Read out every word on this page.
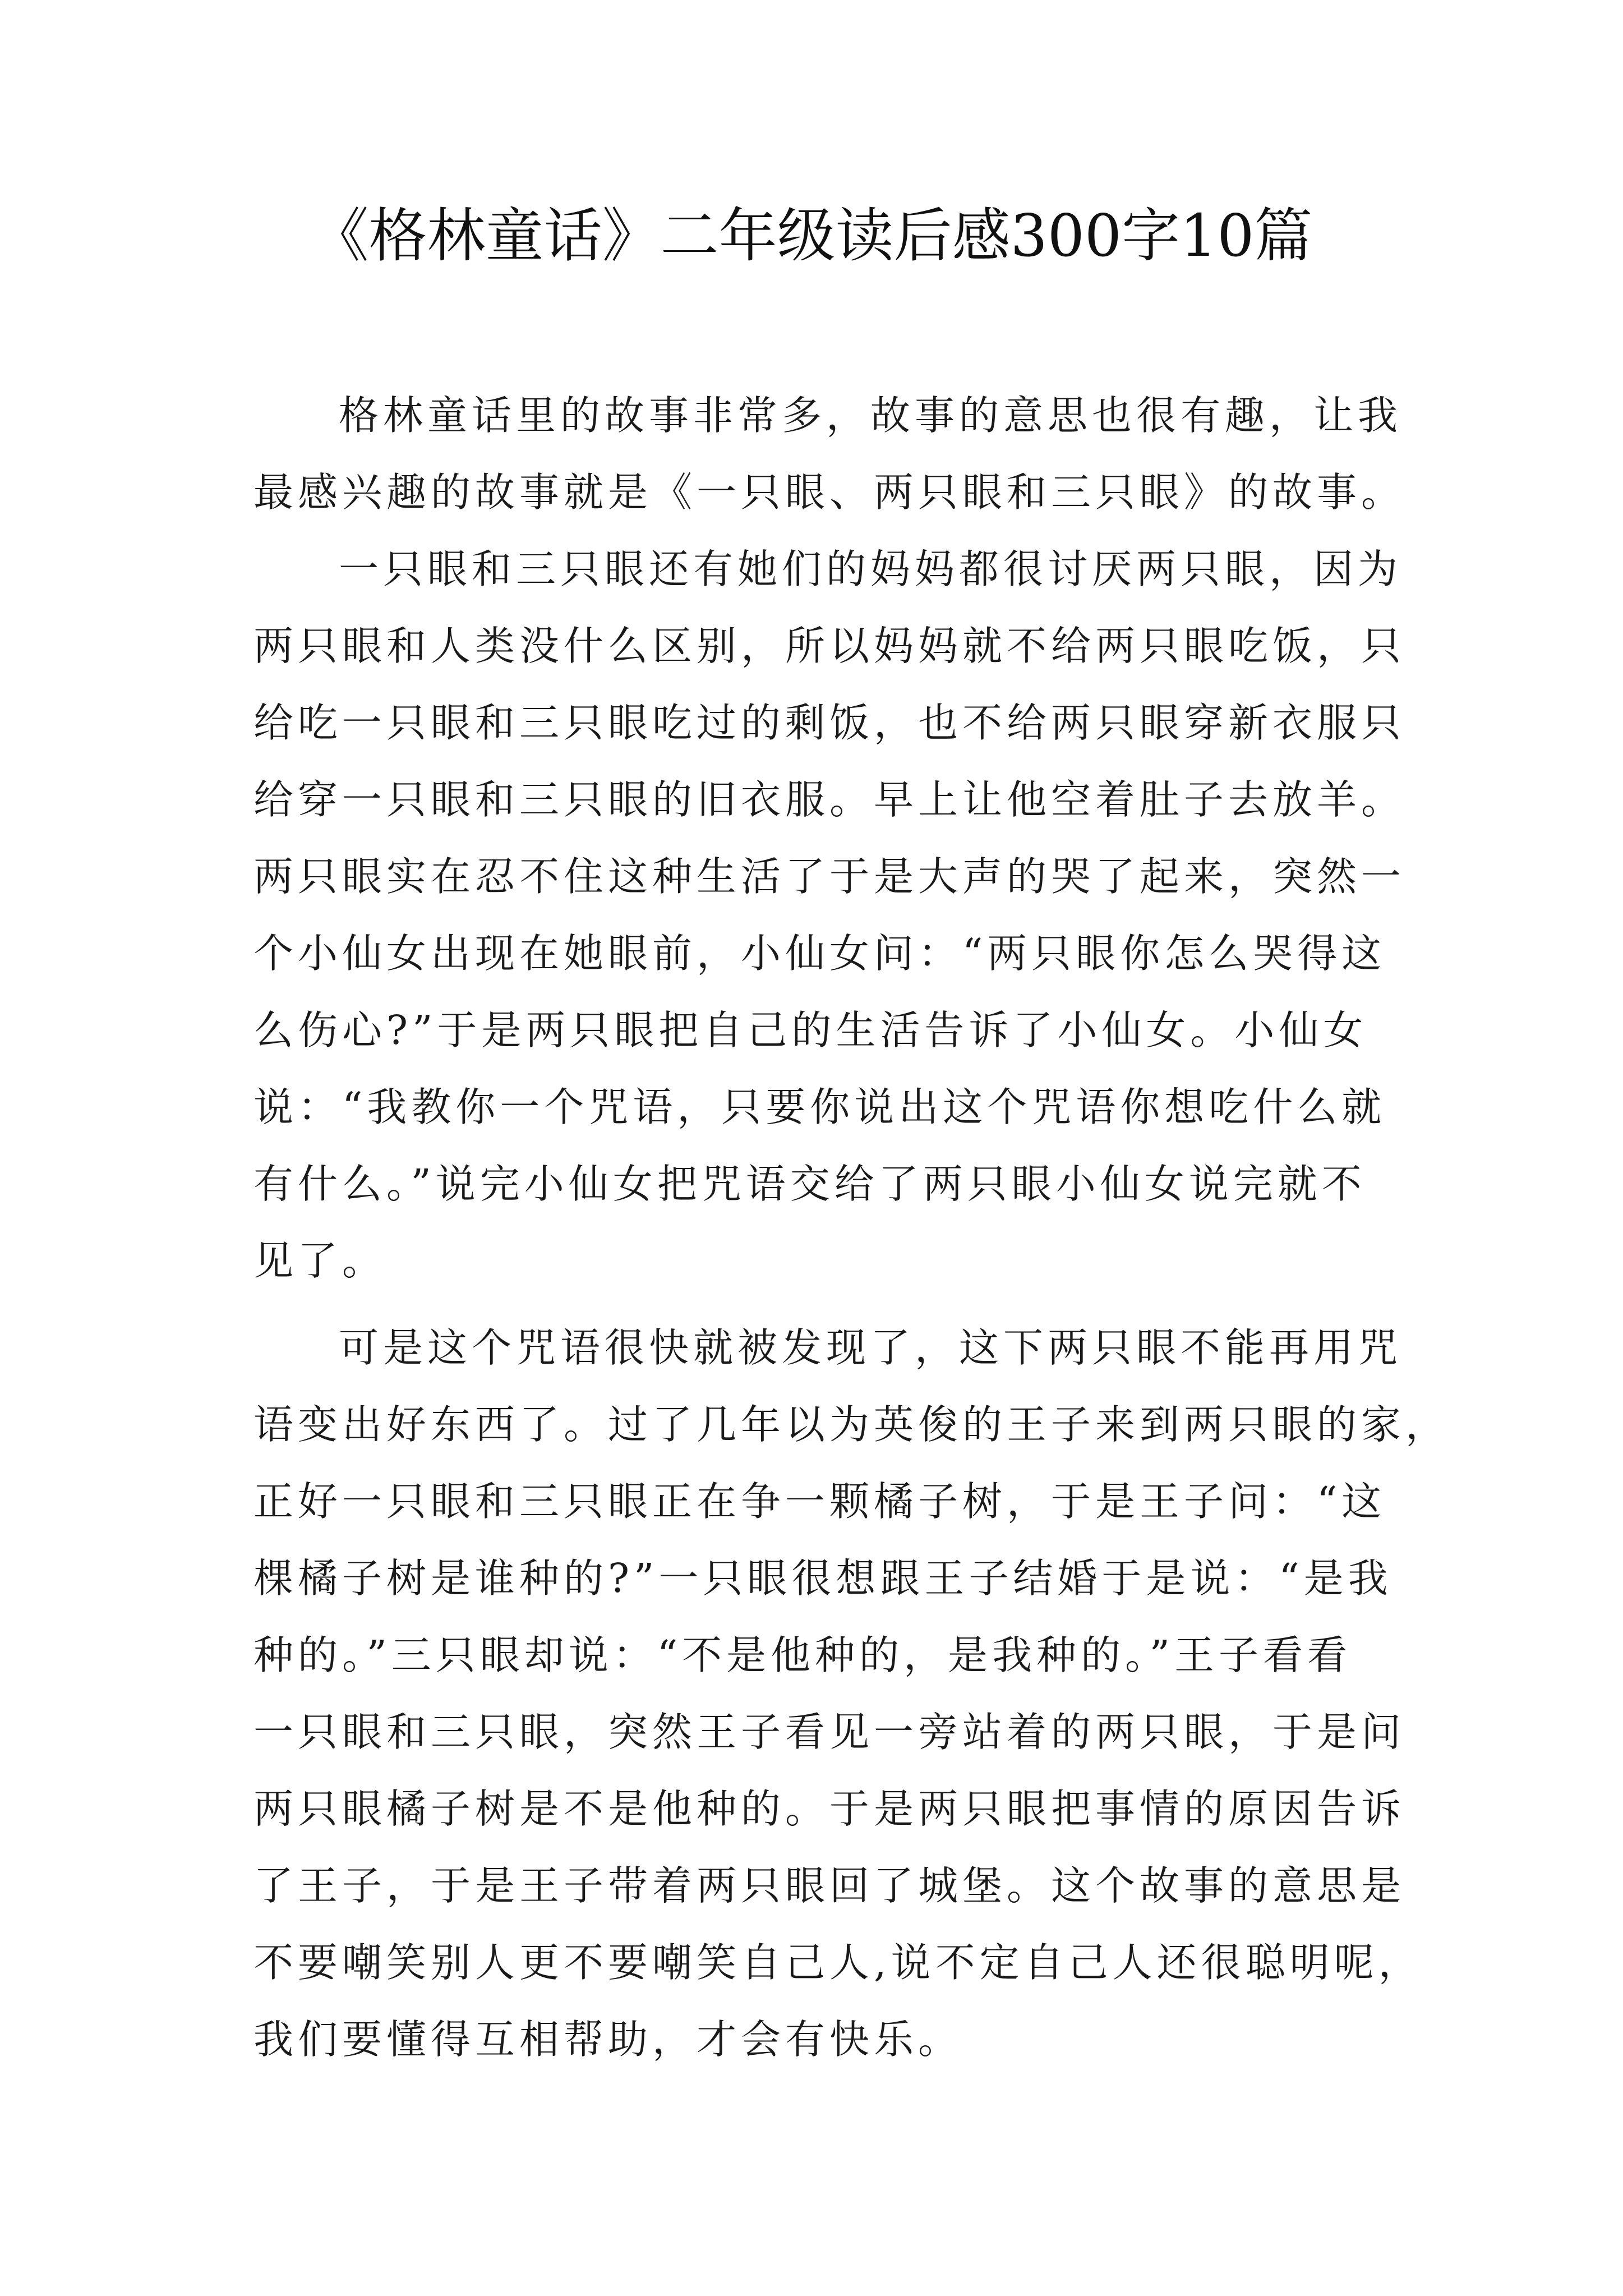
《格林童话》二年级读后感300字10篇

格林童话里的故事非常多，故事的意思也很有趣，让我
最感兴趣的故事就是《一只眼、两只眼和三只眼》的故事。

一只眼和三只眼还有她们的妈妈都很讨厌两只眼，因为
两只眼和人类没什么区别，所以妈妈就不给两只眼吃饭，只
给吃一只眼和三只眼吃过的剩饭，也不给两只眼穿新衣服只
给穿一只眼和三只眼的旧衣服。早上让他空着肚子去放羊。
两只眼实在忍不住这种生活了于是大声的哭了起来，突然一
个小仙女出现在她眼前，小仙女问：“两只眼你怎么哭得这
么伤心?”于是两只眼把自己的生活告诉了小仙女。小仙女
说：“我教你一个咒语，只要你说出这个咒语你想吃什么就
有什么。”说完小仙女把咒语交给了两只眼小仙女说完就不
见了。

可是这个咒语很快就被发现了，这下两只眼不能再用咒
语变出好东西了。过了几年以为英俊的王子来到两只眼的家，
正好一只眼和三只眼正在争一颗橘子树，于是王子问：“这
棵橘子树是谁种的?”一只眼很想跟王子结婚于是说：“是我
种的。”三只眼却说：“不是他种的，是我种的。”王子看看
一只眼和三只眼，突然王子看见一旁站着的两只眼，于是问
两只眼橘子树是不是他种的。于是两只眼把事情的原因告诉
了王子，于是王子带着两只眼回了城堡。这个故事的意思是
不要嘲笑别人更不要嘲笑自己人,说不定自己人还很聪明呢，
我们要懂得互相帮助，才会有快乐。
